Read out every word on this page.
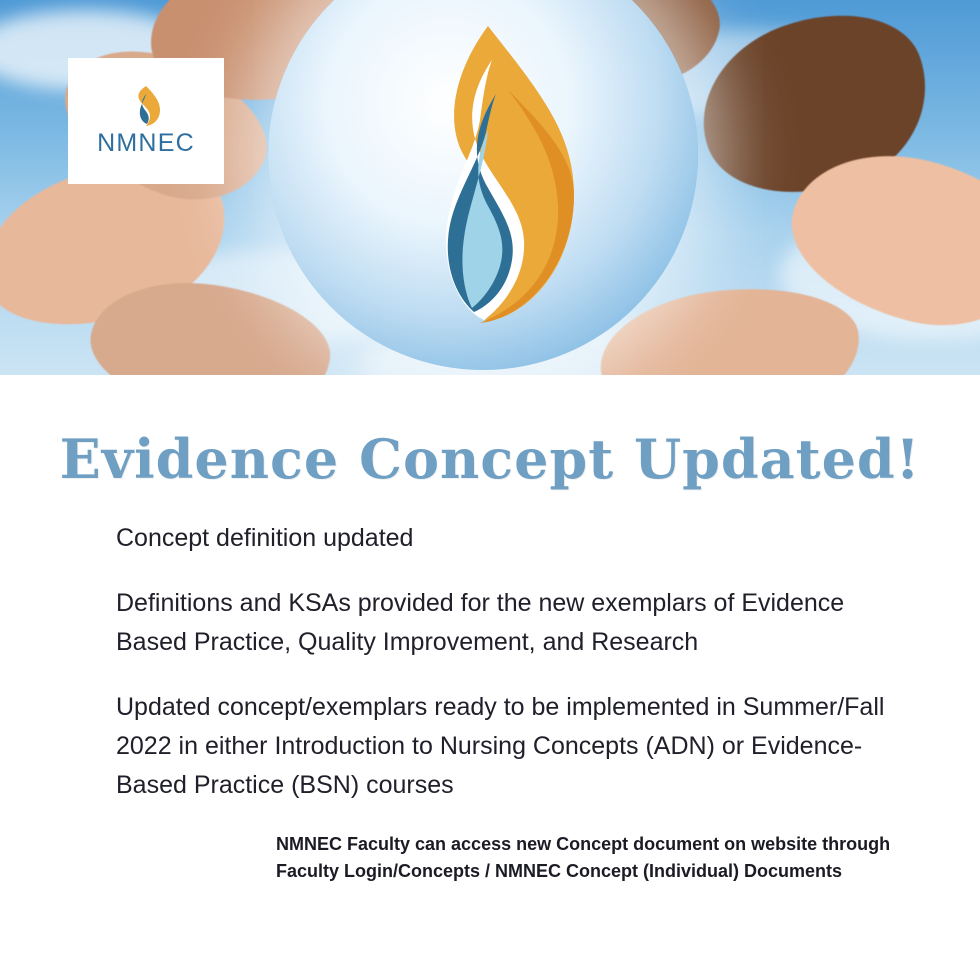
NMNEC
Evidence Concept Updated!

Concept definition updated

Definitions and KSAs provided for the new exemplars of Evidence Based Practice, Quality Improvement, and Research

Updated concept/exemplars ready to be implemented in Summer/Fall 2022 in either Introduction to Nursing Concepts (ADN) or Evidence-Based Practice (BSN) courses

NMNEC Faculty can access new Concept document on website through Faculty Login/Concepts / NMNEC Concept (Individual) Documents
